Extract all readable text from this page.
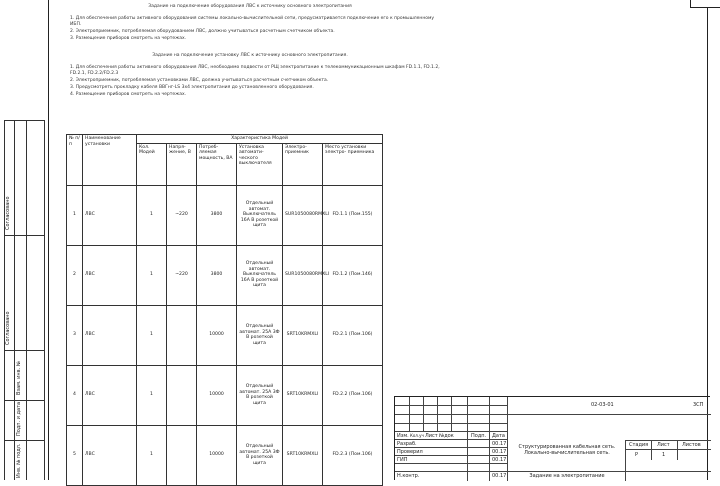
Согласовано
Согласовано
Взам. инв. №
Подп. и дата
Инв. № подл.
Задание на подключение оборудования ЛВС к источнику основного электропитания
1. Для обеспечения работы активного оборудования системы локально-вычислительной сети, предусматривается подключение его к промышленному ИБП.
2. Электроприемник, потребляемая оборудованием ЛВС, должно учитываться расчетным счетчиком объекта.
3. Размещение приборов смотреть на чертежах.
Задание на подключение установку ЛВС к источнику основного электропитания.
1. Для обеспечения работы активного оборудования ЛВС, необходимо подвести от РЩ электропитание к телекоммуникационным шкафам FD.1.1, FD.1.2, FD.2.1, FD.2.2/FD.2.3
2. Электроприемник, потребляемая установками ЛВС, должна учитываться расчетным счетчиком объекта.
3. Предусмотреть прокладку кабеля ВВГнг-LS 3х4 электропитания до установленного оборудования.
4. Размещение приборов смотреть на чертежах.
№ п/п	Наименование установки	Характеристика Модей					
		Кол. Модей	Напря- жение, В	Потреб- ляемая мощность, ВА	Установка автомати- ческого выключателя	Электро- приемник	Место установки электро- приемника
1	ЛВС	1	~220	3800	Отдельный автомат. Выключатель 16А В розеткой щита	SUR1050080RMXLI	FD.1.1 (Пом.155)
2	ЛВС	1	~220	3800	Отдельный автомат. Выключатель 16А В розеткой щита	SUR1050080RMXLI	FD.1.2 (Пом.146)
3	ЛВС	1		10000	Отдельный автомат. 25А 3Ф В розеткой щита	SRT10KRMXLI	FD.2.1 (Пом.106)
4	ЛВС	1		10000	Отдельный автомат. 25А 3Ф В розеткой щита	SRT10KRMXLI	FD.2.2 (Пом.106)
5	ЛВС	1		10000	Отдельный автомат. 25А 3Ф В розеткой щита	SRT10KRMXLI	FD.2.3 (Пом.106)
02-03-01	3СП
Изм. Кол.уч Лист №док	Подп. Дата
Разраб.	00.17
Проверил	00.17
ГИП	00.17
Н.контр.	00.17
Структурированная кабельная сеть. Локально-вычислительная сеть.
Задание на электропитание
Стадия Лист Листов
Р	1
